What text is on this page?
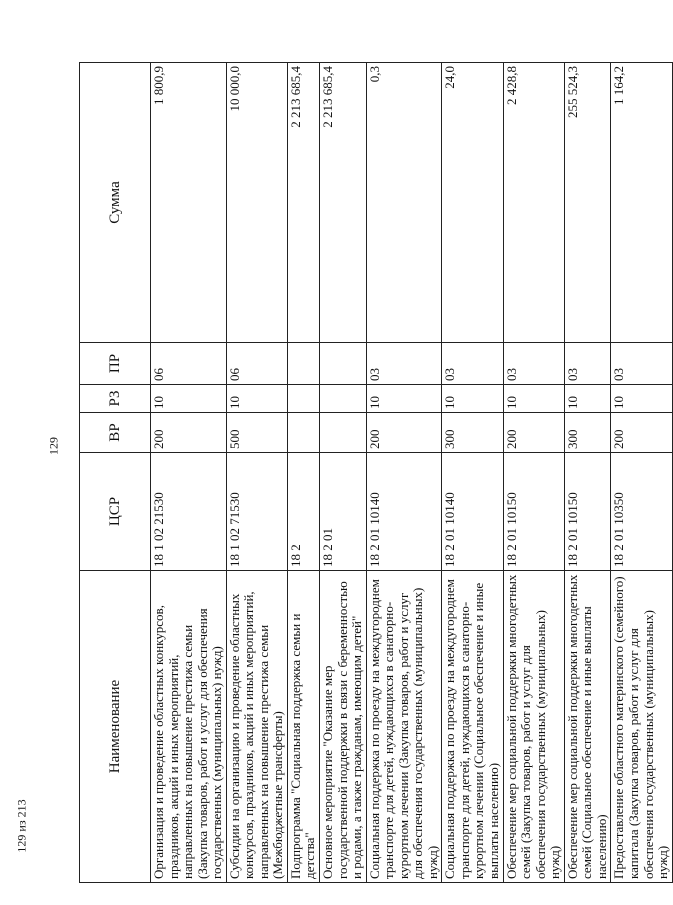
129
129 из 213
Наименование	ЦСР	ВР	РЗ	ПР	Сумма
Организация и проведение областных конкурсов, праздников, акций и иных мероприятий, направленных на повышение престижа семьи (Закупка товаров, работ и услуг для обеспечения государственных (муниципальных) нужд)	18 1 02 21530	200	10	06	1 800,9
Субсидии на организацию и проведение областных конкурсов, праздников, акций и иных мероприятий, направленных на повышение престижа семьи (Межбюджетные трансферты)	18 1 02 71530	500	10	06	10 000,0
Подпрограмма "Социальная поддержка семьи и детства"	18 2				2 213 685,4
Основное мероприятие "Оказание мер государственной поддержки в связи с беременностью и родами, а также гражданам, имеющим детей"	18 2 01				2 213 685,4
Социальная поддержка по проезду на междугороднем транспорте для детей, нуждающихся в санаторно-курортном лечении (Закупка товаров, работ и услуг для обеспечения государственных (муниципальных) нужд)	18 2 01 10140	200	10	03	0,3
Социальная поддержка по проезду на междугороднем транспорте для детей, нуждающихся в санаторно-курортном лечении (Социальное обеспечение и иные выплаты населению)	18 2 01 10140	300	10	03	24,0
Обеспечение мер социальной поддержки многодетных семей (Закупка товаров, работ и услуг для обеспечения государственных (муниципальных) нужд)	18 2 01 10150	200	10	03	2 428,8
Обеспечение мер социальной поддержки многодетных семей (Социальное обеспечение и иные выплаты населению)	18 2 01 10150	300	10	03	255 524,3
Предоставление областного материнского (семейного) капитала (Закупка товаров, работ и услуг для обеспечения государственных (муниципальных) нужд)	18 2 01 10350	200	10	03	1 164,2
